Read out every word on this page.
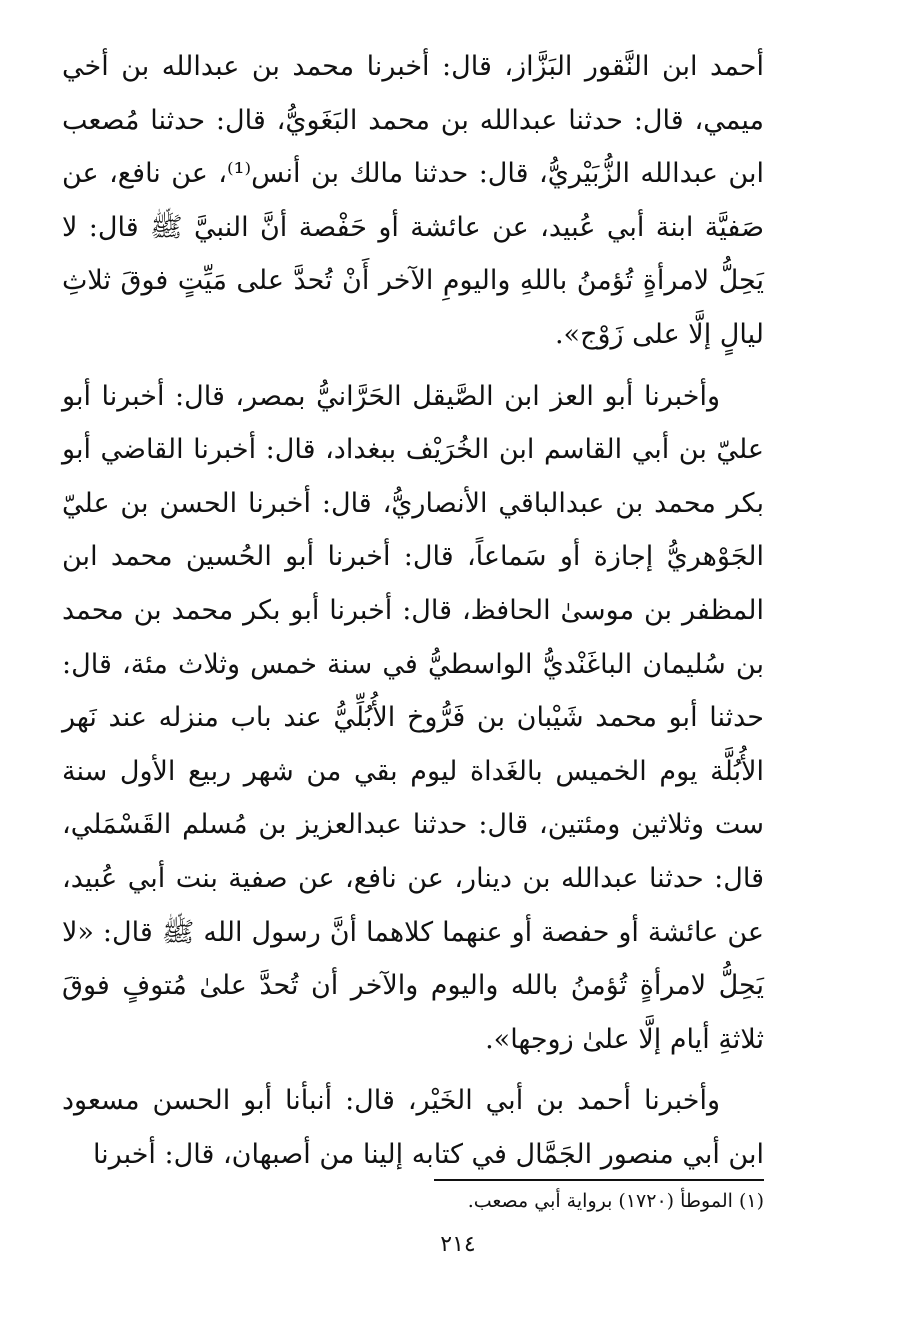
أحمد ابن النَّقور البَزَّاز، قال: أخبرنا محمد بن عبدالله بن أخي ميمي، قال: حدثنا عبدالله بن محمد البَغَويُّ، قال: حدثنا مُصعب ابن عبدالله الزُّبَيْريُّ، قال: حدثنا مالك بن أنس⁽¹⁾، عن نافع، عن صَفيَّة ابنة أبي عُبيد، عن عائشة أو حَفْصة أنَّ النبيَّ ﷺ قال: لا يَحِلُّ لامرأةٍ تُؤمنُ باللهِ واليومِ الآخر أَنْ تُحدَّ على مَيِّتٍ فوقَ ثلاثِ ليالٍ إلَّا على زَوْج».

وأخبرنا أبو العز ابن الصَّيقل الحَرَّانيُّ بمصر، قال: أخبرنا أبو عليّ بن أبي القاسم ابن الخُرَيْف ببغداد، قال: أخبرنا القاضي أبو بكر محمد بن عبدالباقي الأنصاريُّ، قال: أخبرنا الحسن بن عليّ الجَوْهريُّ إجازة أو سَماعاً، قال: أخبرنا أبو الحُسين محمد ابن المظفر بن موسىٰ الحافظ، قال: أخبرنا أبو بكر محمد بن محمد بن سُليمان الباغَنْديُّ الواسطيُّ في سنة خمس وثلاث مئة، قال: حدثنا أبو محمد شَيْبان بن فَرُّوخ الأُبُلِّيُّ عند باب منزله عند نَهر الأُبُلَّة يوم الخميس بالغَداة ليوم بقي من شهر ربيع الأول سنة ست وثلاثين ومئتين، قال: حدثنا عبدالعزيز بن مُسلم القَسْمَلي، قال: حدثنا عبدالله بن دينار، عن نافع، عن صفية بنت أبي عُبيد، عن عائشة أو حفصة أو عنهما كلاهما أنَّ رسول الله ﷺ قال: «لا يَحِلُّ لامرأةٍ تُؤمنُ بالله واليوم والآخر أن تُحدَّ علىٰ مُتوفٍ فوقَ ثلاثةِ أيام إلَّا علىٰ زوجها».

وأخبرنا أحمد بن أبي الخَيْر، قال: أنبأنا أبو الحسن مسعود ابن أبي منصور الجَمَّال في كتابه إلينا من أصبهان، قال: أخبرنا

(١) الموطأ (١٧٢٠) برواية أبي مصعب.
٢١٤
